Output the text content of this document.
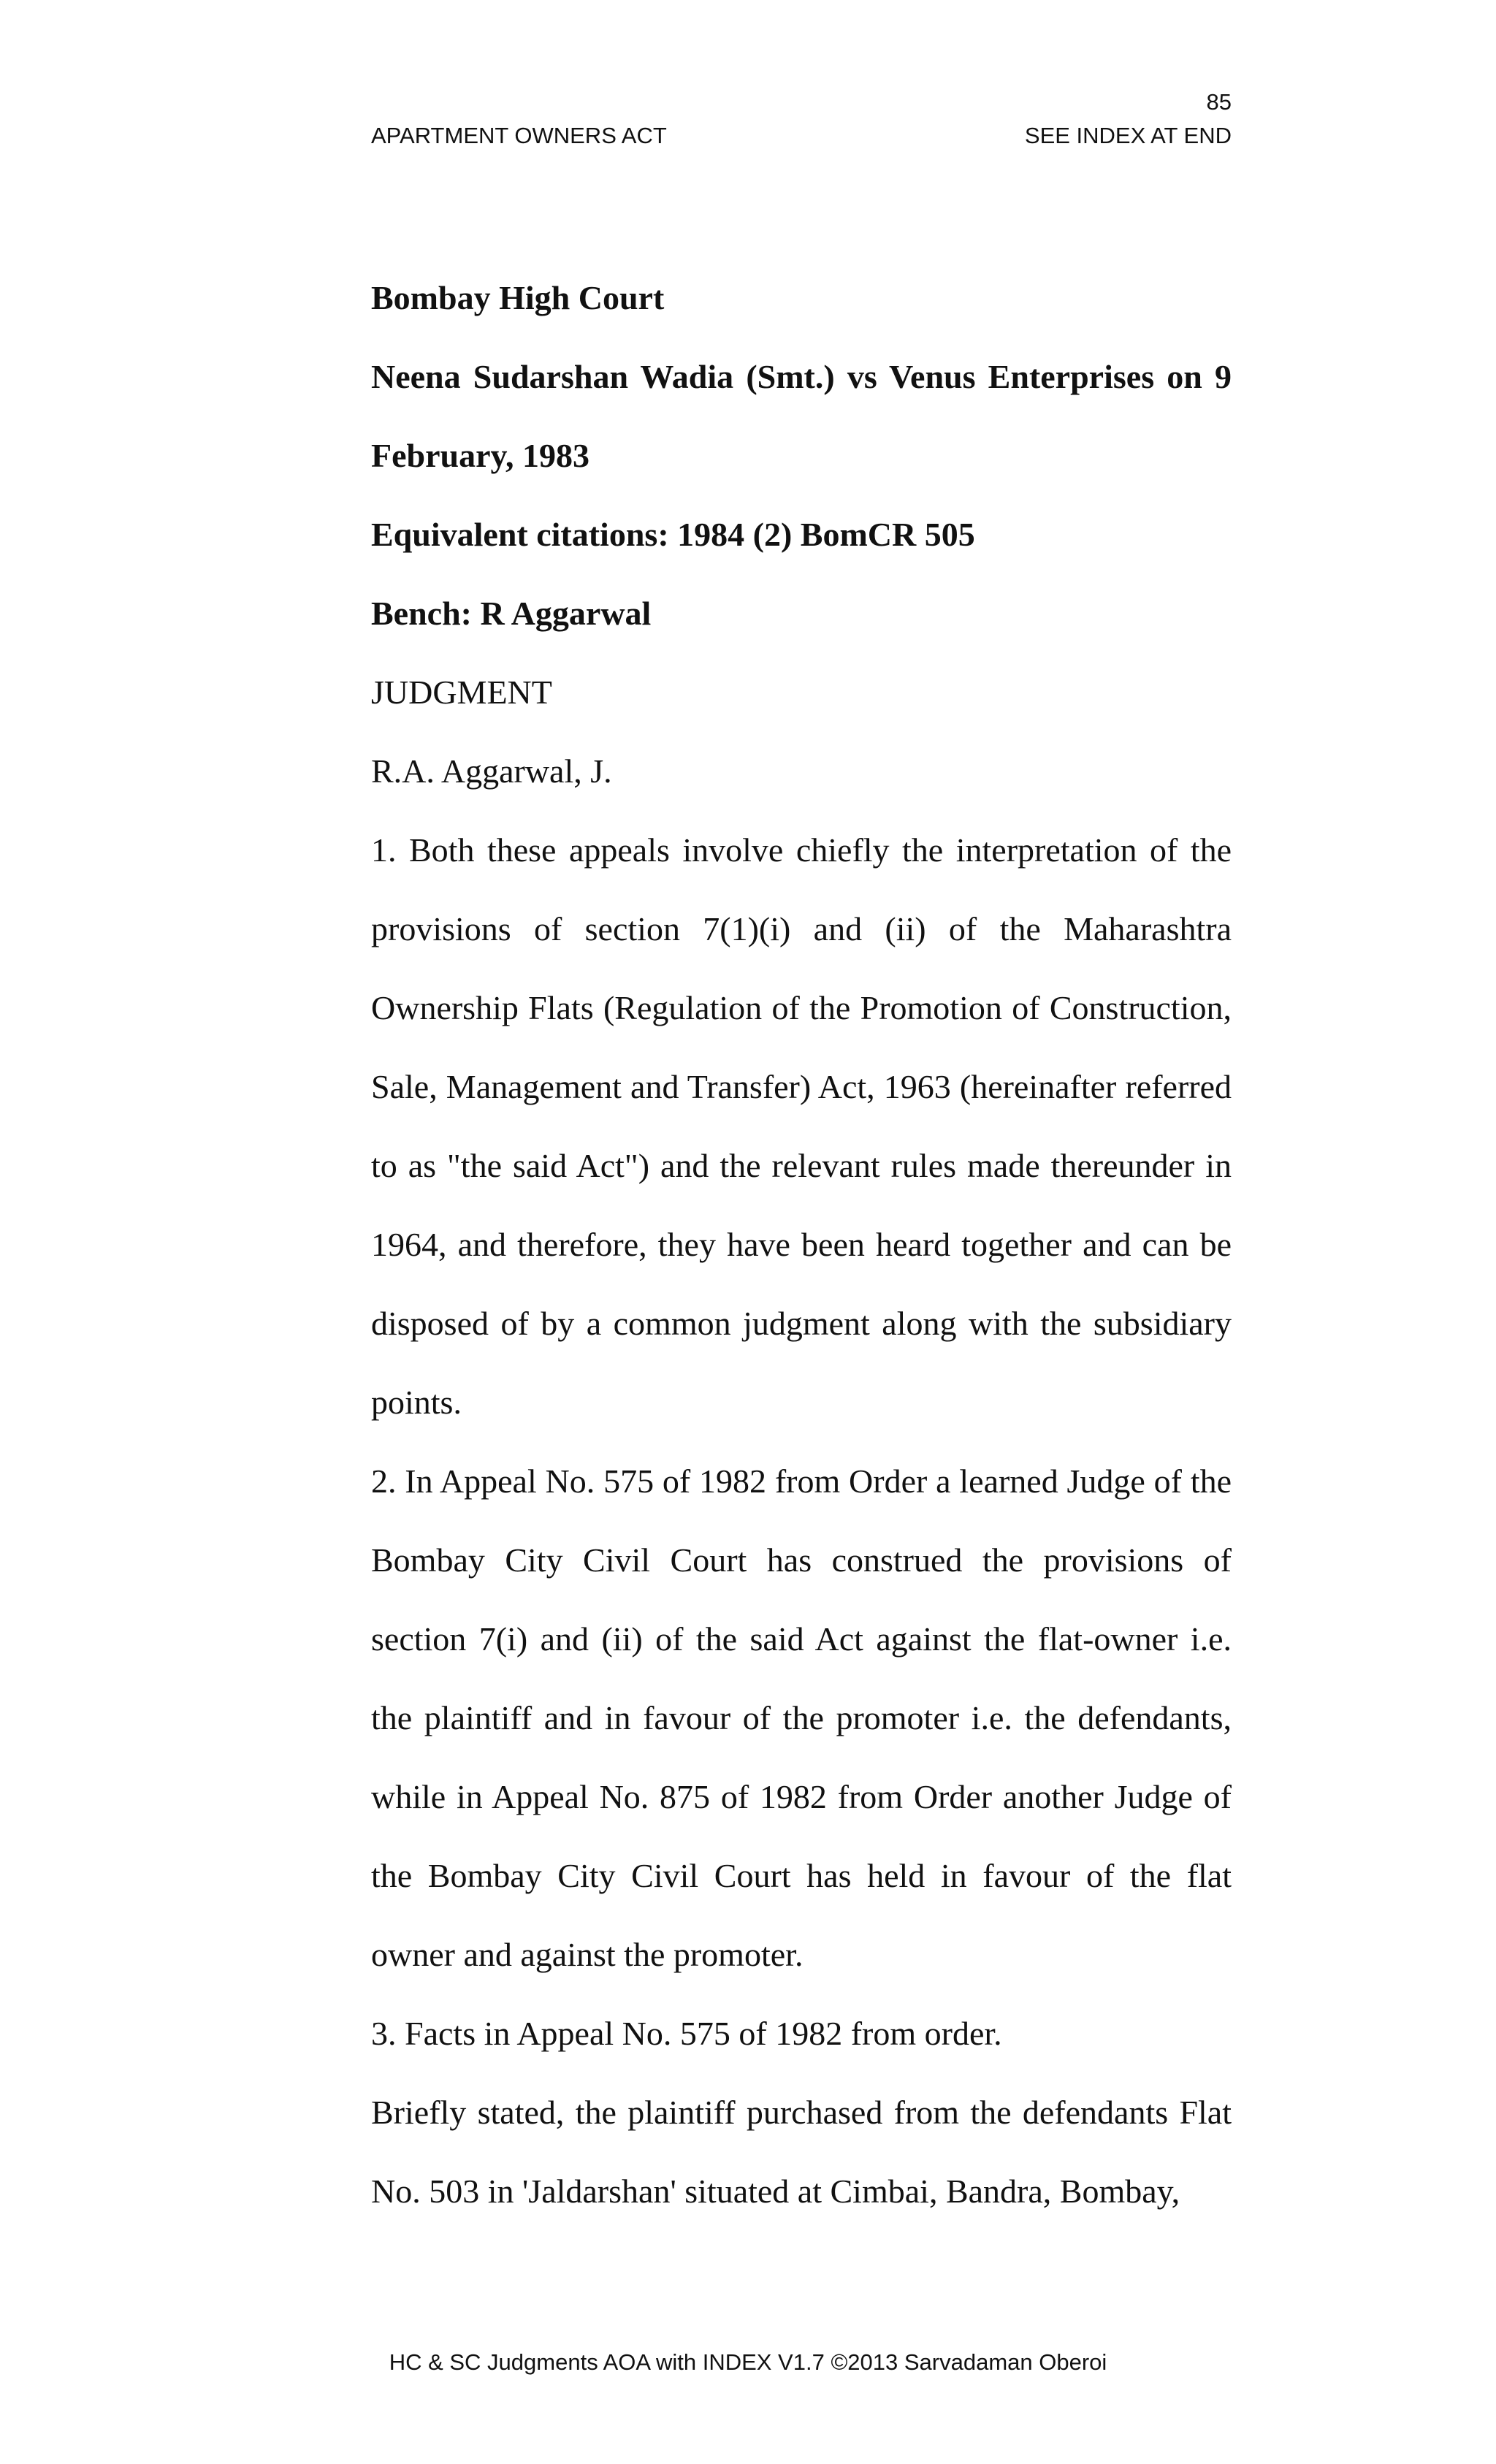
85
APARTMENT OWNERS ACT	SEE INDEX AT END

Bombay High Court

Neena Sudarshan Wadia (Smt.) vs Venus Enterprises on 9 February, 1983

Equivalent citations: 1984 (2) BomCR 505

Bench: R Aggarwal

JUDGMENT

R.A. Aggarwal, J.

1. Both these appeals involve chiefly the interpretation of the provisions of section 7(1)(i) and (ii) of the Maharashtra Ownership Flats (Regulation of the Promotion of Construction, Sale, Management and Transfer) Act, 1963 (hereinafter referred to as "the said Act") and the relevant rules made thereunder in 1964, and therefore, they have been heard together and can be disposed of by a common judgment along with the subsidiary points.

2. In Appeal No. 575 of 1982 from Order a learned Judge of the Bombay City Civil Court has construed the provisions of section 7(i) and (ii) of the said Act against the flat-owner i.e. the plaintiff and in favour of the promoter i.e. the defendants, while in Appeal No. 875 of 1982 from Order another Judge of the Bombay City Civil Court has held in favour of the flat owner and against the promoter.

3. Facts in Appeal No. 575 of 1982 from order.

Briefly stated, the plaintiff purchased from the defendants Flat No. 503 in 'Jaldarshan' situated at Cimbai, Bandra, Bombay,

HC & SC Judgments AOA with INDEX V1.7 ©2013 Sarvadaman Oberoi
